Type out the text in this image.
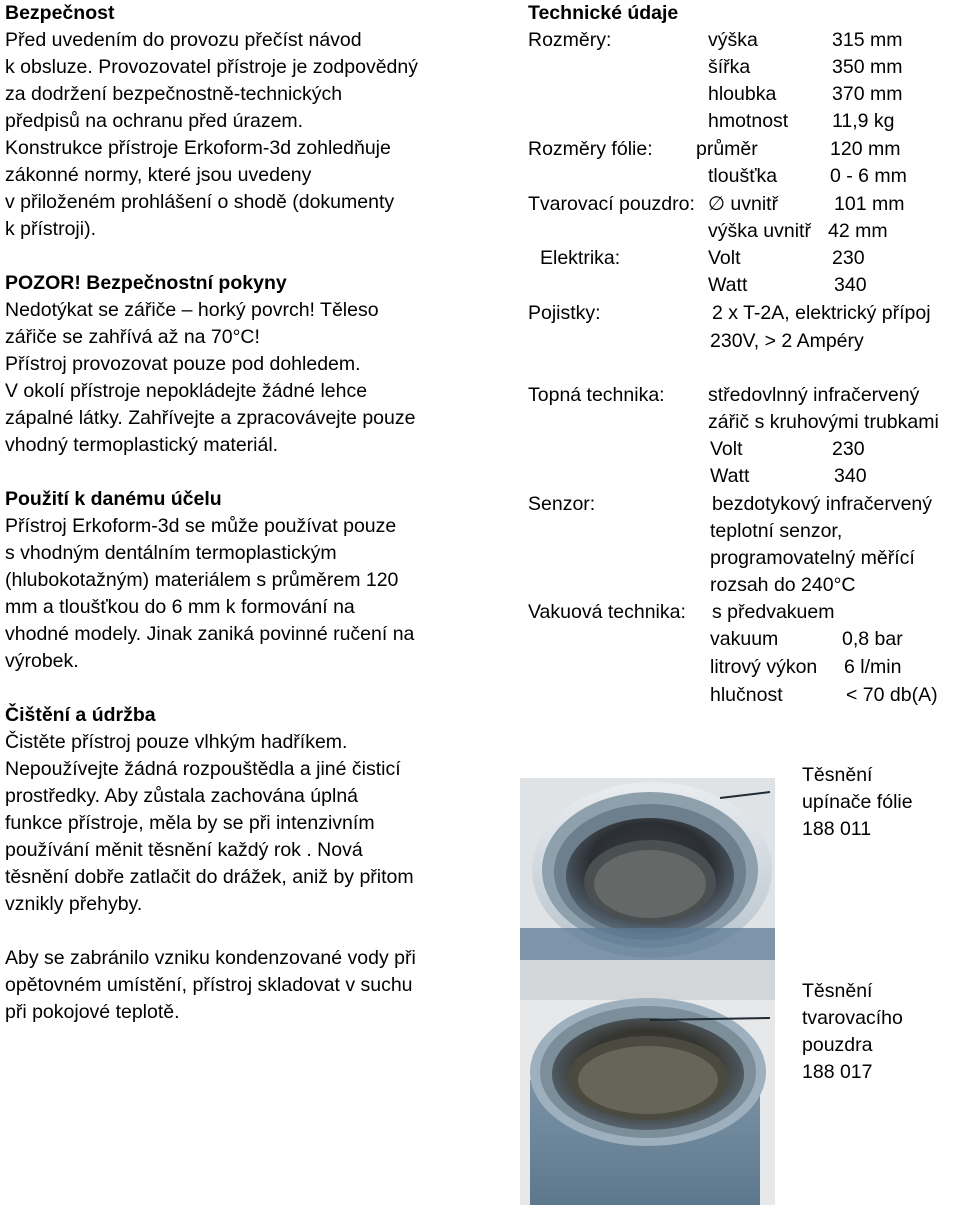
Bezpečnost

Před uvedením do provozu přečíst návod

k obsluze. Provozovatel přístroje je zodpovědný

za dodržení bezpečnostně-technických

předpisů na ochranu před úrazem.

Konstrukce přístroje Erkoform-3d zohledňuje

zákonné normy, které jsou uvedeny

v přiloženém prohlášení o shodě (dokumenty

k přístroji).

POZOR! Bezpečnostní pokyny

Nedotýkat se zářiče – horký povrch! Těleso

zářiče se zahřívá až na 70°C!

Přístroj provozovat pouze pod dohledem.

V okolí přístroje nepokládejte žádné lehce

zápalné látky. Zahřívejte a zpracovávejte pouze

vhodný termoplastický materiál.

Použití k danému účelu

Přístroj Erkoform-3d se může používat pouze

s vhodným dentálním termoplastickým

(hlubokotažným) materiálem s průměrem 120

mm a tloušťkou do 6 mm k formování na

vhodné modely. Jinak zaniká povinné ručení na

výrobek.

Čištění a údržba

Čistěte přístroj pouze vlhkým hadříkem.

Nepoužívejte žádná rozpouštědla a jiné čisticí

prostředky. Aby zůstala zachována úplná

funkce přístroje, měla by se při intenzivním

používání měnit těsnění každý rok . Nová

těsnění dobře zatlačit do drážek, aniž by přitom

vznikly přehyby.

Aby se zabránilo vzniku kondenzované vody při

opětovném umístění, přístroj skladovat v suchu

při pokojové teplotě.

Technické údaje
Rozměry:	výška	315 mm
šířka	350 mm
hloubka	370 mm
hmotnost 11,9 kg
Rozměry fólie: průměr	120 mm
tloušťka	0 - 6 mm
Tvarovací pouzdro: ∅ uvnitř	101 mm
výška uvnitř 42 mm
Elektrika:	Volt	230
Watt	340
Pojistky:	2 x T-2A, elektrický přípoj
230V, > 2 Ampéry
Topná technika: středovlnný infračervený
zářič s kruhovými trubkami
Volt	230
Watt	340
Senzor:	bezdotykový infračervený
teplotní senzor,
programovatelný měřící
rozsah do 240°C
Vakuová technika: s předvakuem
vakuum	0,8 bar
litrový výkon 6 l/min
hlučnost	< 70 db(A)
Těsnění
upínače fólie
188 011
Těsnění
tvarovacího
pouzdra
188 017
